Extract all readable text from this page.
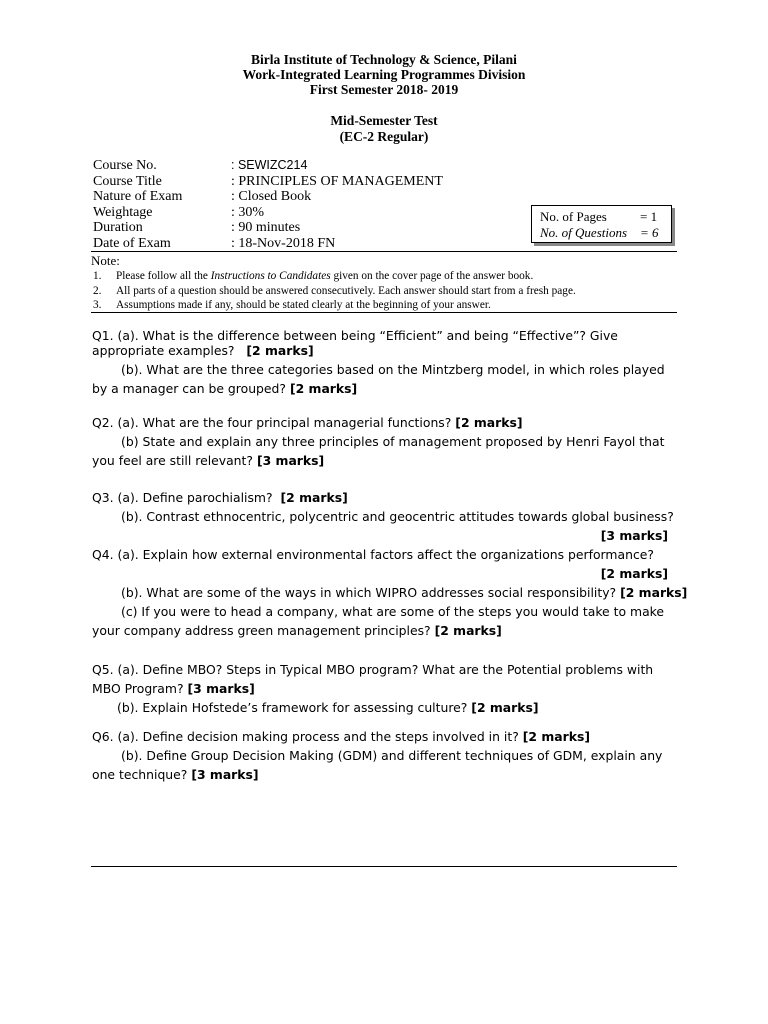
Birla Institute of Technology & Science, Pilani
Work-Integrated Learning Programmes Division
First Semester 2018- 2019
Mid-Semester Test
(EC-2 Regular)
Course No.	: SEWIZC214
Course Title	: PRINCIPLES OF MANAGEMENT
Nature of Exam	: Closed Book
Weightage	: 30%
Duration	: 90 minutes
Date of Exam	: 18-Nov-2018 FN
No. of Pages	= 1
No. of Questions = 6
Note:
1. Please follow all the Instructions to Candidates given on the cover page of the answer book.
2. All parts of a question should be answered consecutively. Each answer should start from a fresh page.
3. Assumptions made if any, should be stated clearly at the beginning of your answer.
Q1. (a). What is the difference between being “Efficient” and being “Effective”? Give
appropriate examples? [2 marks]
(b). What are the three categories based on the Mintzberg model, in which roles played
by a manager can be grouped? [2 marks]
Q2. (a). What are the four principal managerial functions? [2 marks]
(b) State and explain any three principles of management proposed by Henri Fayol that
you feel are still relevant? [3 marks]
Q3. (a). Define parochialism? [2 marks]
(b). Contrast ethnocentric, polycentric and geocentric attitudes towards global business?
[3 marks]
Q4. (a). Explain how external environmental factors affect the organizations performance?
[2 marks]
(b). What are some of the ways in which WIPRO addresses social responsibility? [2 marks]
(c) If you were to head a company, what are some of the steps you would take to make
your company address green management principles? [2 marks]
Q5. (a). Define MBO? Steps in Typical MBO program? What are the Potential problems with
MBO Program? [3 marks]
(b). Explain Hofstede’s framework for assessing culture? [2 marks]
Q6. (a). Define decision making process and the steps involved in it? [2 marks]
(b). Define Group Decision Making (GDM) and different techniques of GDM, explain any
one technique? [3 marks]
